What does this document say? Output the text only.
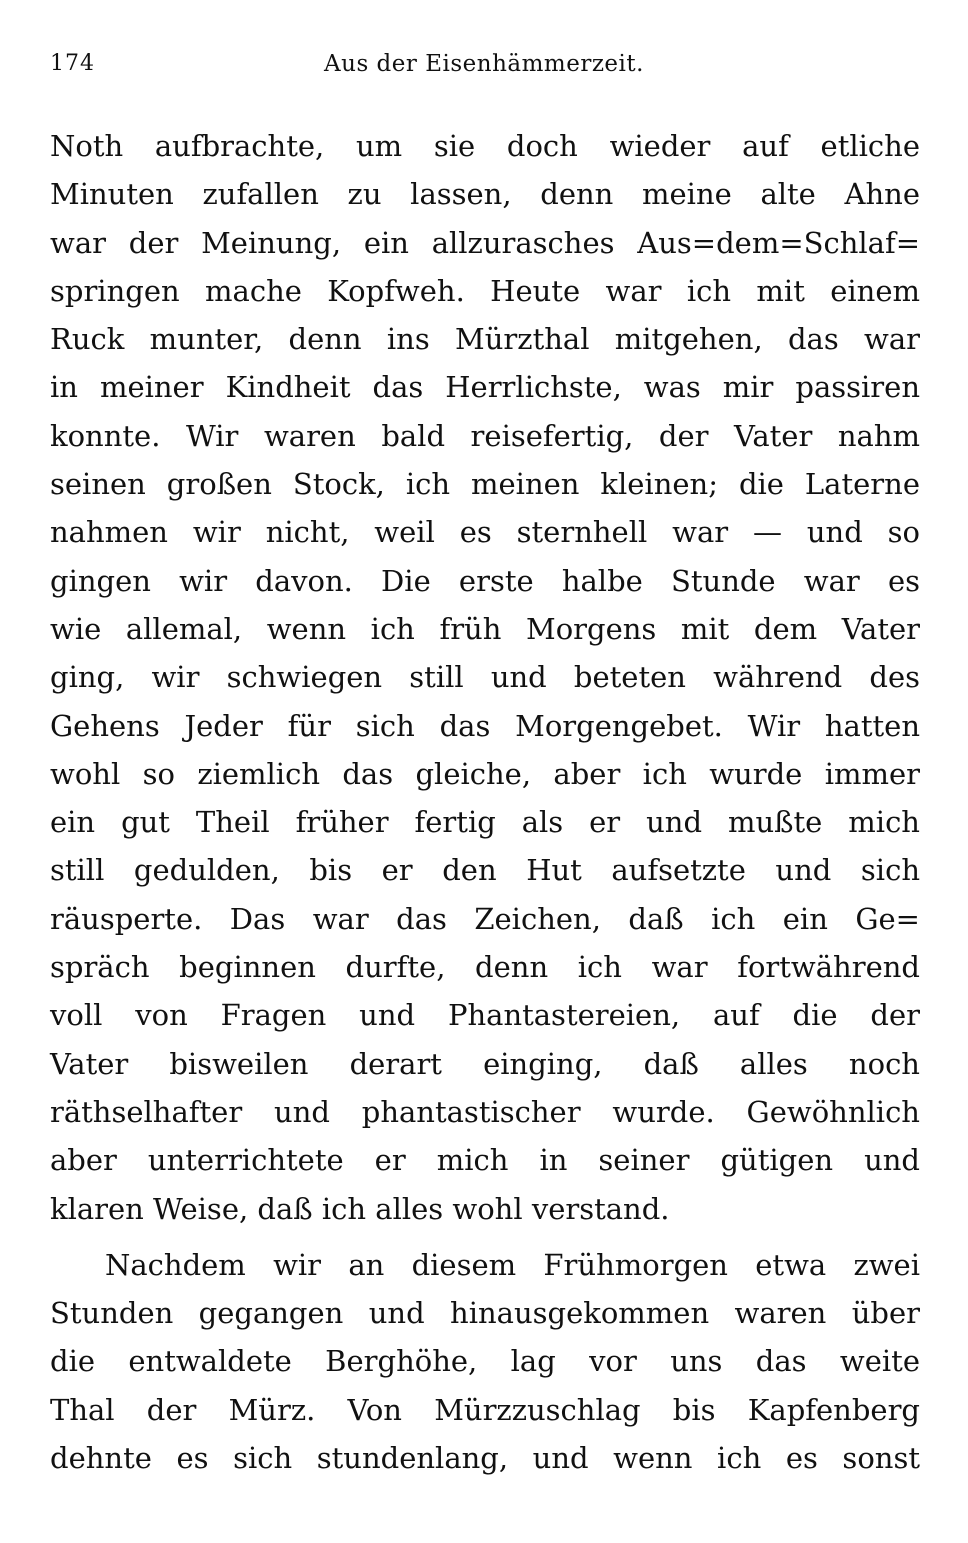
174	Aus der Eisenhämmerzeit.
Noth aufbrachte, um sie doch wieder auf etliche
Minuten zufallen zu lassen, denn meine alte Ahne
war der Meinung, ein allzurasches Aus=dem=Schlaf=
springen mache Kopfweh. Heute war ich mit einem
Ruck munter, denn ins Mürzthal mitgehen, das war
in meiner Kindheit das Herrlichste, was mir passiren
konnte. Wir waren bald reisefertig, der Vater nahm
seinen großen Stock, ich meinen kleinen; die Laterne
nahmen wir nicht, weil es sternhell war — und so
gingen wir davon. Die erste halbe Stunde war es
wie allemal, wenn ich früh Morgens mit dem Vater
ging, wir schwiegen still und beteten während des
Gehens Jeder für sich das Morgengebet. Wir hatten
wohl so ziemlich das gleiche, aber ich wurde immer
ein gut Theil früher fertig als er und mußte mich
still gedulden, bis er den Hut aufsetzte und sich
räusperte. Das war das Zeichen, daß ich ein Ge=
spräch beginnen durfte, denn ich war fortwährend
voll von Fragen und Phantastereien, auf die der
Vater bisweilen derart einging, daß alles noch
räthselhafter und phantastischer wurde. Gewöhnlich
aber unterrichtete er mich in seiner gütigen und
klaren Weise, daß ich alles wohl verstand.
Nachdem wir an diesem Frühmorgen etwa zwei
Stunden gegangen und hinausgekommen waren über
die entwaldete Berghöhe, lag vor uns das weite
Thal der Mürz. Von Mürzzuschlag bis Kapfenberg
dehnte es sich stundenlang, und wenn ich es sonst
